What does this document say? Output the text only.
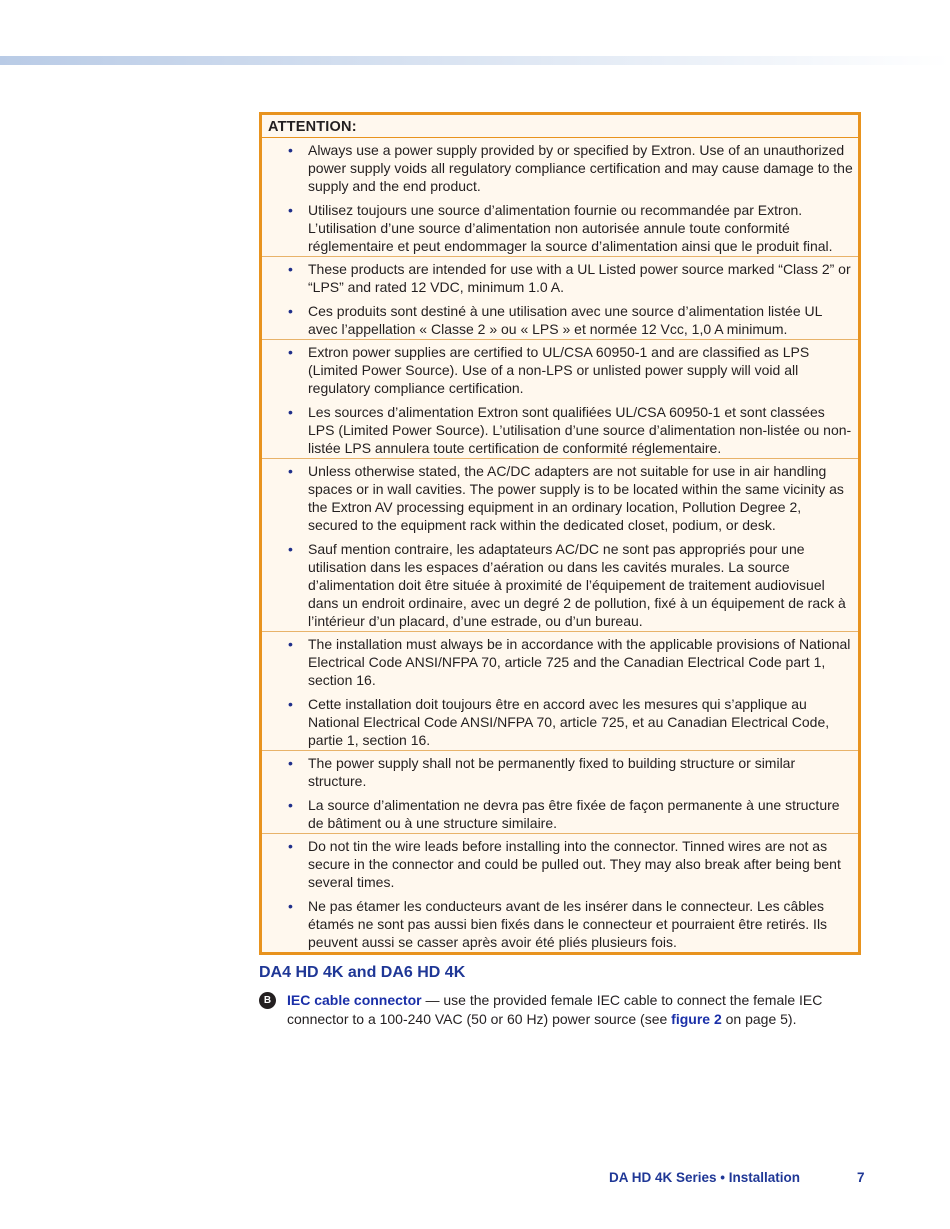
ATTENTION:
• Always use a power supply provided by or specified by Extron. Use of an unauthorized power supply voids all regulatory compliance certification and may cause damage to the supply and the end product.
• Utilisez toujours une source d’alimentation fournie ou recommandée par Extron. L’utilisation d’une source d’alimentation non autorisée annule toute conformité réglementaire et peut endommager la source d’alimentation ainsi que le produit final.
• These products are intended for use with a UL Listed power source marked “Class 2” or “LPS” and rated 12 VDC, minimum 1.0 A.
• Ces produits sont destiné à une utilisation avec une source d’alimentation listée UL avec l’appellation « Classe 2 » ou « LPS » et normée 12 Vcc, 1,0 A minimum.
• Extron power supplies are certified to UL/CSA 60950-1 and are classified as LPS (Limited Power Source). Use of a non-LPS or unlisted power supply will void all regulatory compliance certification.
• Les sources d’alimentation Extron sont qualifiées UL/CSA 60950-1 et sont classées LPS (Limited Power Source). L’utilisation d’une source d’alimentation non-listée ou non-listée LPS annulera toute certification de conformité réglementaire.
• Unless otherwise stated, the AC/DC adapters are not suitable for use in air handling spaces or in wall cavities. The power supply is to be located within the same vicinity as the Extron AV processing equipment in an ordinary location, Pollution Degree 2, secured to the equipment rack within the dedicated closet, podium, or desk.
• Sauf mention contraire, les adaptateurs AC/DC ne sont pas appropriés pour une utilisation dans les espaces d’aération ou dans les cavités murales. La source d’alimentation doit être située à proximité de l’équipement de traitement audiovisuel dans un endroit ordinaire, avec un degré 2 de pollution, fixé à un équipement de rack à l’intérieur d’un placard, d’une estrade, ou d’un bureau.
• The installation must always be in accordance with the applicable provisions of National Electrical Code ANSI/NFPA 70, article 725 and the Canadian Electrical Code part 1, section 16.
• Cette installation doit toujours être en accord avec les mesures qui s’applique au National Electrical Code ANSI/NFPA 70, article 725, et au Canadian Electrical Code, partie 1, section 16.
• The power supply shall not be permanently fixed to building structure or similar structure.
• La source d’alimentation ne devra pas être fixée de façon permanente à une structure de bâtiment ou à une structure similaire.
• Do not tin the wire leads before installing into the connector. Tinned wires are not as secure in the connector and could be pulled out. They may also break after being bent several times.
• Ne pas étamer les conducteurs avant de les insérer dans le connecteur. Les câbles étamés ne sont pas aussi bien fixés dans le connecteur et pourraient être retirés. Ils peuvent aussi se casser après avoir été pliés plusieurs fois.
DA4 HD 4K and DA6 HD 4K
B	IEC cable connector — use the provided female IEC cable to connect the female IEC connector to a 100-240 VAC (50 or 60 Hz) power source (see figure 2 on page 5).
DA HD 4K Series • Installation	7
